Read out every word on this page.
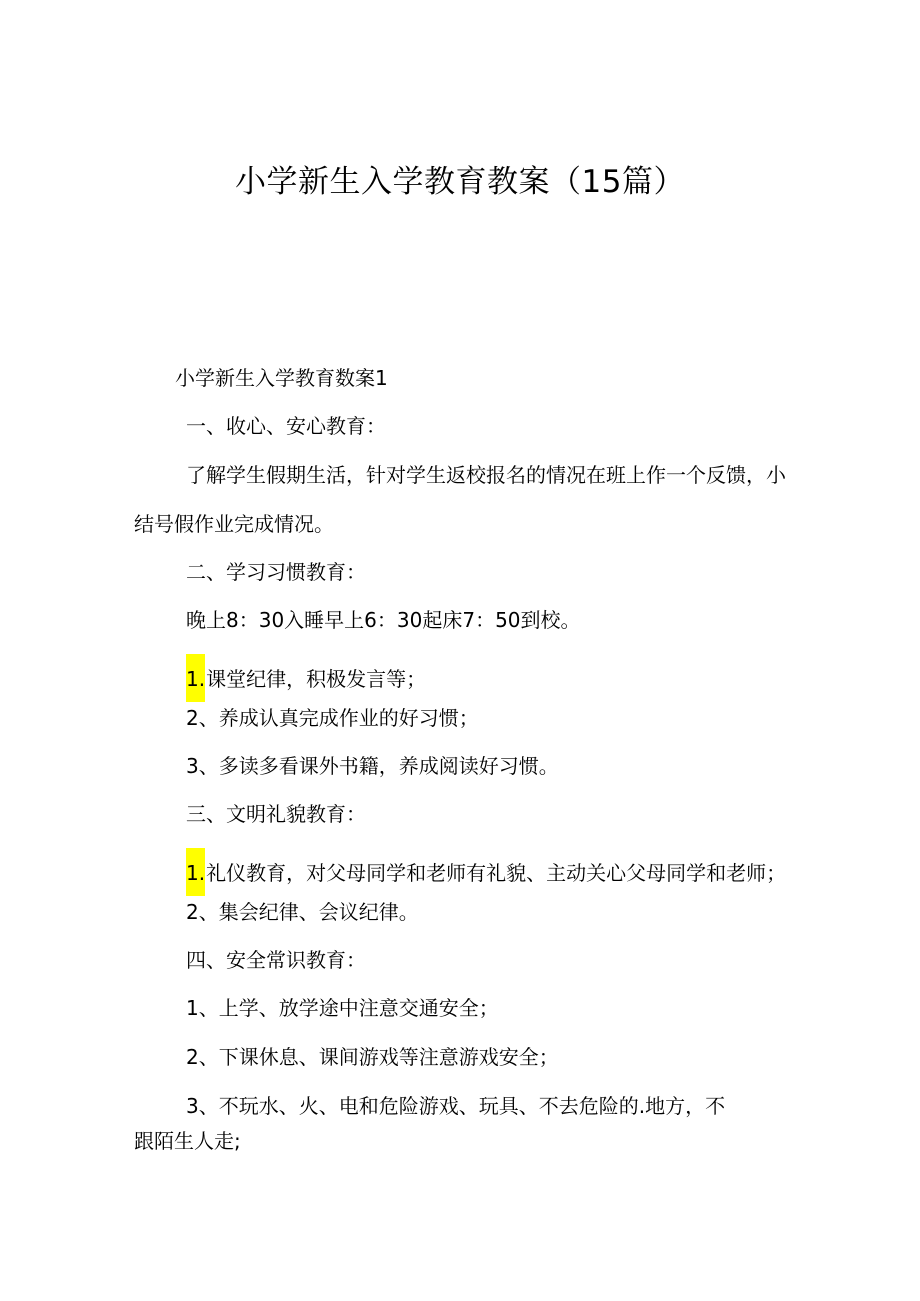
小学新生入学教育教案（15篇）
小学新生入学教育数案1
一、收心、安心教育：
了解学生假期生活，针对学生返校报名的情况在班上作一个反馈，小
结号假作业完成情况。
二、学习习惯教育：
晚上8：30入睡早上6：30起床7：50到校。
1.课堂纪律，积极发言等；
2、养成认真完成作业的好习惯；
3、多读多看课外书籍，养成阅读好习惯。
三、文明礼貌教育：
1.礼仪教育，对父母同学和老师有礼貌、主动关心父母同学和老师；
2、集会纪律、会议纪律。
四、安全常识教育：
1、上学、放学途中注意交通安全；
2、下课休息、课间游戏等注意游戏安全；
3、不玩水、火、电和危险游戏、玩具、不去危险的.地方，不
跟陌生人走;
